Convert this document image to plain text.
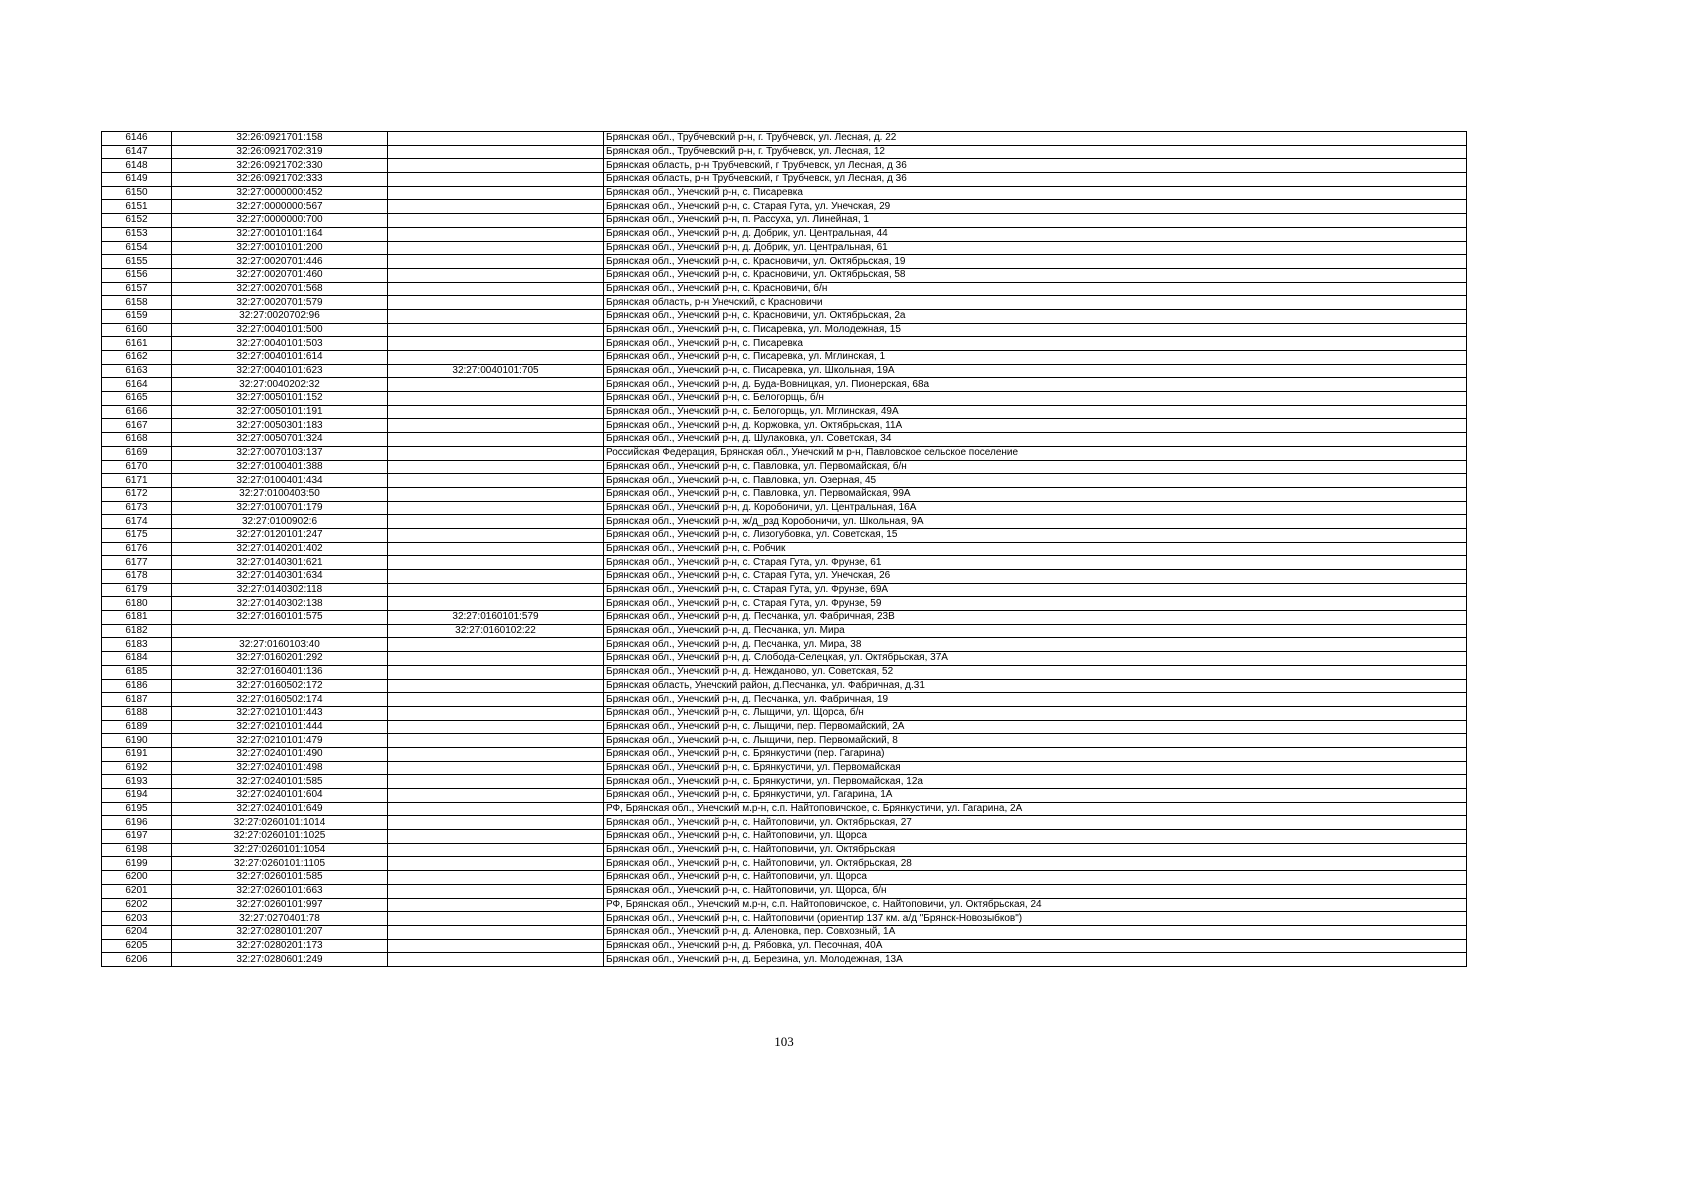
6146	32:26:0921701:158		Брянская обл., Трубчевский р-н, г. Трубчевск, ул. Лесная, д. 22
6147	32:26:0921702:319		Брянская обл., Трубчевский р-н, г. Трубчевск, ул. Лесная, 12
6148	32:26:0921702:330		Брянская область, р-н Трубчевский, г Трубчевск, ул Лесная, д 36
6149	32:26:0921702:333		Брянская область, р-н Трубчевский, г Трубчевск, ул Лесная, д 36
6150	32:27:0000000:452		Брянская обл., Унечский р-н, с. Писаревка
6151	32:27:0000000:567		Брянская обл., Унечский р-н, с. Старая Гута, ул. Унечская, 29
6152	32:27:0000000:700		Брянская обл., Унечский р-н, п. Рассуха, ул. Линейная, 1
6153	32:27:0010101:164		Брянская обл., Унечский р-н, д. Добрик, ул. Центральная, 44
6154	32:27:0010101:200		Брянская обл., Унечский р-н, д. Добрик, ул. Центральная, 61
6155	32:27:0020701:446		Брянская обл., Унечский р-н, с. Красновичи, ул. Октябрьская, 19
6156	32:27:0020701:460		Брянская обл., Унечский р-н, с. Красновичи, ул. Октябрьская, 58
6157	32:27:0020701:568		Брянская обл., Унечский р-н, с. Красновичи, б/н
6158	32:27:0020701:579		Брянская область, р-н Унечский, с Красновичи
6159	32:27:0020702:96		Брянская обл., Унечский р-н, с. Красновичи, ул. Октябрьская, 2а
6160	32:27:0040101:500		Брянская обл., Унечский р-н, с. Писаревка, ул. Молодежная, 15
6161	32:27:0040101:503		Брянская обл., Унечский р-н, с. Писаревка
6162	32:27:0040101:614		Брянская обл., Унечский р-н, с. Писаревка, ул. Мглинская, 1
6163	32:27:0040101:623	32:27:0040101:705	Брянская обл., Унечский р-н, с. Писаревка, ул. Школьная, 19А
6164	32:27:0040202:32		Брянская обл., Унечский р-н, д. Буда-Вовницкая, ул. Пионерская, 68а
6165	32:27:0050101:152		Брянская обл., Унечский р-н, с. Белогорщь, б/н
6166	32:27:0050101:191		Брянская обл., Унечский р-н, с. Белогорщь, ул. Мглинская, 49А
6167	32:27:0050301:183		Брянская обл., Унечский р-н, д. Коржовка, ул. Октябрьская, 11А
6168	32:27:0050701:324		Брянская обл., Унечский р-н, д. Шулаковка, ул. Советская, 34
6169	32:27:0070103:137		Российская Федерация, Брянская обл., Унечский м р-н, Павловское сельское поселение
6170	32:27:0100401:388		Брянская обл., Унечский р-н, с. Павловка, ул. Первомайская, б/н
6171	32:27:0100401:434		Брянская обл., Унечский р-н, с. Павловка, ул. Озерная, 45
6172	32:27:0100403:50		Брянская обл., Унечский р-н, с. Павловка, ул. Первомайская, 99А
6173	32:27:0100701:179		Брянская обл., Унечский р-н, д. Коробоничи, ул. Центральная, 16А
6174	32:27:0100902:6		Брянская обл., Унечский р-н, ж/д_рзд Коробоничи, ул. Школьная, 9А
6175	32:27:0120101:247		Брянская обл., Унечский р-н, с. Лизогубовка, ул. Советская, 15
6176	32:27:0140201:402		Брянская обл., Унечский р-н, с. Робчик
6177	32:27:0140301:621		Брянская обл., Унечский р-н, с. Старая Гута, ул. Фрунзе, 61
6178	32:27:0140301:634		Брянская обл., Унечский р-н, с. Старая Гута, ул. Унечская, 26
6179	32:27:0140302:118		Брянская обл., Унечский р-н, с. Старая Гута, ул. Фрунзе, 69А
6180	32:27:0140302:138		Брянская обл., Унечский р-н, с. Старая Гута, ул. Фрунзе, 59
6181	32:27:0160101:575	32:27:0160101:579	Брянская обл., Унечский р-н, д. Песчанка, ул. Фабричная, 23В
6182		32:27:0160102:22	Брянская обл., Унечский р-н, д. Песчанка, ул. Мира
6183	32:27:0160103:40		Брянская обл., Унечский р-н, д. Песчанка, ул. Мира, 38
6184	32:27:0160201:292		Брянская обл., Унечский р-н, д. Слобода-Селецкая, ул. Октябрьская, 37А
6185	32:27:0160401:136		Брянская обл., Унечский р-н, д. Нежданово, ул. Советская, 52
6186	32:27:0160502:172		Брянская область, Унечский район, д.Песчанка, ул. Фабричная, д.31
6187	32:27:0160502:174		Брянская обл., Унечский р-н, д. Песчанка, ул. Фабричная, 19
6188	32:27:0210101:443		Брянская обл., Унечский р-н, с. Лыщичи, ул. Щорса, б/н
6189	32:27:0210101:444		Брянская обл., Унечский р-н, с. Лыщичи, пер. Первомайский, 2А
6190	32:27:0210101:479		Брянская обл., Унечский р-н, с. Лыщичи, пер. Первомайский, 8
6191	32:27:0240101:490		Брянская обл., Унечский р-н, с. Брянкустичи (пер. Гагарина)
6192	32:27:0240101:498		Брянская обл., Унечский р-н, с. Брянкустичи, ул. Первомайская
6193	32:27:0240101:585		Брянская обл., Унечский р-н, с. Брянкустичи, ул. Первомайская, 12а
6194	32:27:0240101:604		Брянская обл., Унечский р-н, с. Брянкустичи, ул. Гагарина, 1А
6195	32:27:0240101:649		РФ, Брянская обл., Унечский м.р-н, с.п. Найтоповичское, с. Брянкустичи, ул. Гагарина, 2А
6196	32:27:0260101:1014		Брянская обл., Унечский р-н, с. Найтоповичи, ул. Октябрьская, 27
6197	32:27:0260101:1025		Брянская обл., Унечский р-н, с. Найтоповичи, ул. Щорса
6198	32:27:0260101:1054		Брянская обл., Унечский р-н, с. Найтоповичи, ул. Октябрьская
6199	32:27:0260101:1105		Брянская обл., Унечский р-н, с. Найтоповичи, ул. Октябрьская, 28
6200	32:27:0260101:585		Брянская обл., Унечский р-н, с. Найтоповичи, ул. Щорса
6201	32:27:0260101:663		Брянская обл., Унечский р-н, с. Найтоповичи, ул. Щорса, б/н
6202	32:27:0260101:997		РФ, Брянская обл., Унечский м.р-н, с.п. Найтоповичское, с. Найтоповичи, ул. Октябрьская, 24
6203	32:27:0270401:78		Брянская обл., Унечский р-н, с. Найтоповичи (ориентир 137 км. а/д "Брянск-Новозыбков")
6204	32:27:0280101:207		Брянская обл., Унечский р-н, д. Аленовка, пер. Совхозный, 1А
6205	32:27:0280201:173		Брянская обл., Унечский р-н, д. Рябовка, ул. Песочная, 40А
6206	32:27:0280601:249		Брянская обл., Унечский р-н, д. Березина, ул. Молодежная, 13А
103
